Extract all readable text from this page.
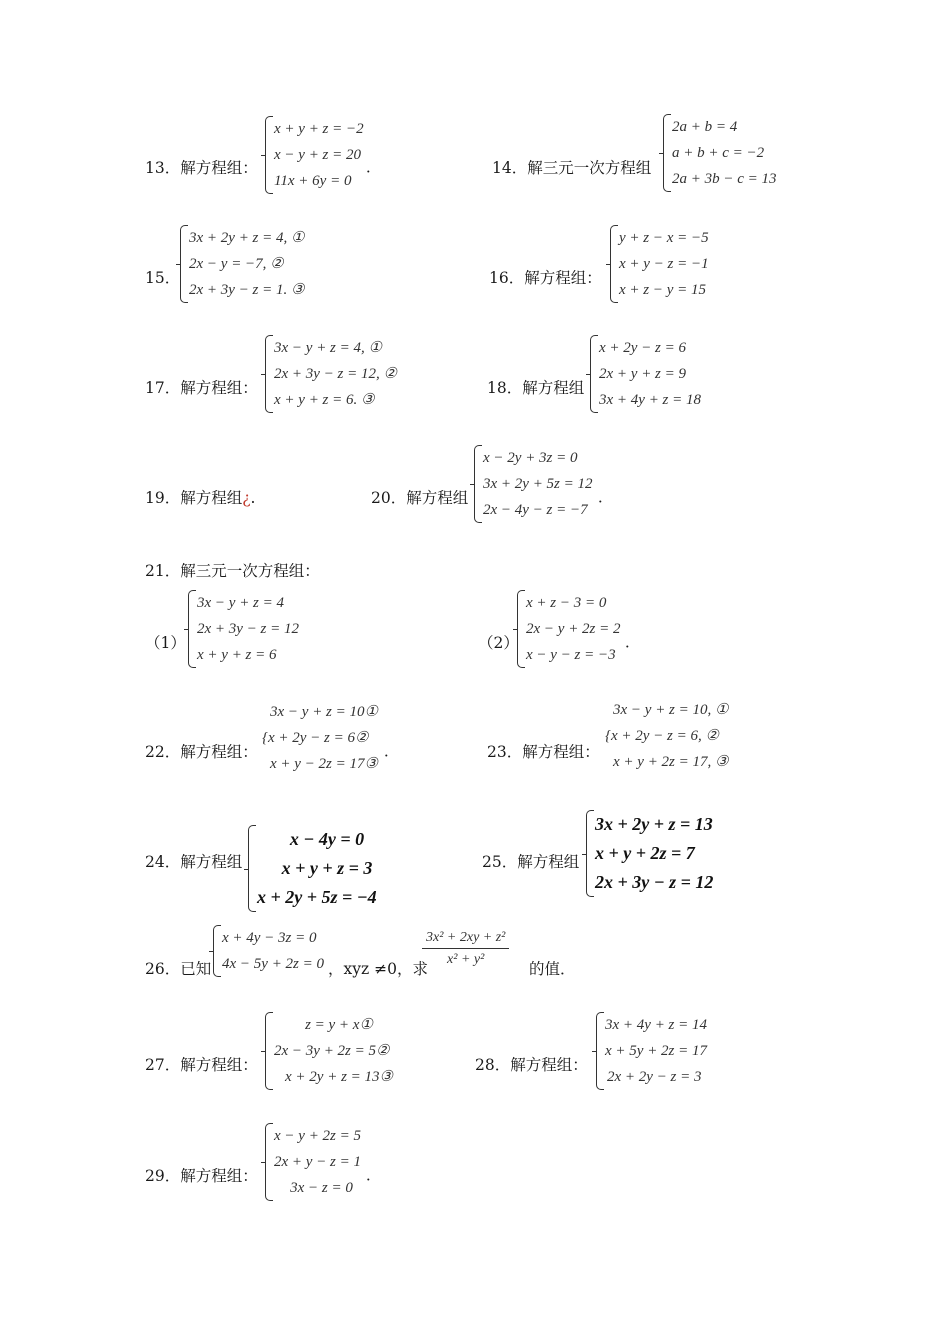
13．解方程组：
x + y + z = −2
x − y + z = 20
11x + 6y = 0
．	14．解三元一次方程组
2a + b = 4
a + b + c = −2
2a + 3b − c = 13
15．
3x + 2y + z = 4, ①
2x − y = −7, ②
2x + 3y − z = 1. ③
16．解方程组：
y + z − x = −5
x + y − z = −1
x + z − y = 15
17．解方程组：
3x − y + z = 4, ①
2x + 3y − z = 12, ②
x + y + z = 6. ③
18．解方程组
x + 2y − z = 6
2x + y + z = 9
3x + 4y + z = 18
19．解方程组¿.	20．解方程组
x − 2y + 3z = 0
3x + 2y + 5z = 12
2x − 4y − z = −7
．
21．解三元一次方程组：
（1）
3x − y + z = 4
2x + 3y − z = 12
x + y + z = 6
（2）
x + z − 3 = 0
2x − y + 2z = 2
x − y − z = −3
．
22．解方程组：
3x − y + z = 10①
{x + 2y − z = 6②
x + y − 2z = 17③
．	23．解方程组：
3x − y + z = 10, ①
{x + 2y − z = 6, ②
x + y + 2z = 17, ③
24．解方程组
x − 4y = 0
x + y + z = 3
x + 2y + 5z = −4
25．解方程组
3x + 2y + z = 13
x + y + 2z = 7
2x + 3y − z = 12
26．已知
x + 4y − 3z = 0
4x − 5y + 2z = 0 ，xyz ≠0，求
$\frac{\text{3x² + 2xy + z²}}{\text{x² + y²}}$
的值．
27．解方程组：
z = y + x①
2x − 3y + 2z = 5②
x + 2y + z = 13③
28．解方程组：
3x + 4y + z = 14
x + 5y + 2z = 17
2x + 2y − z = 3
29．解方程组：
x − y + 2z = 5
2x + y − z = 1
3x − z = 0
．
